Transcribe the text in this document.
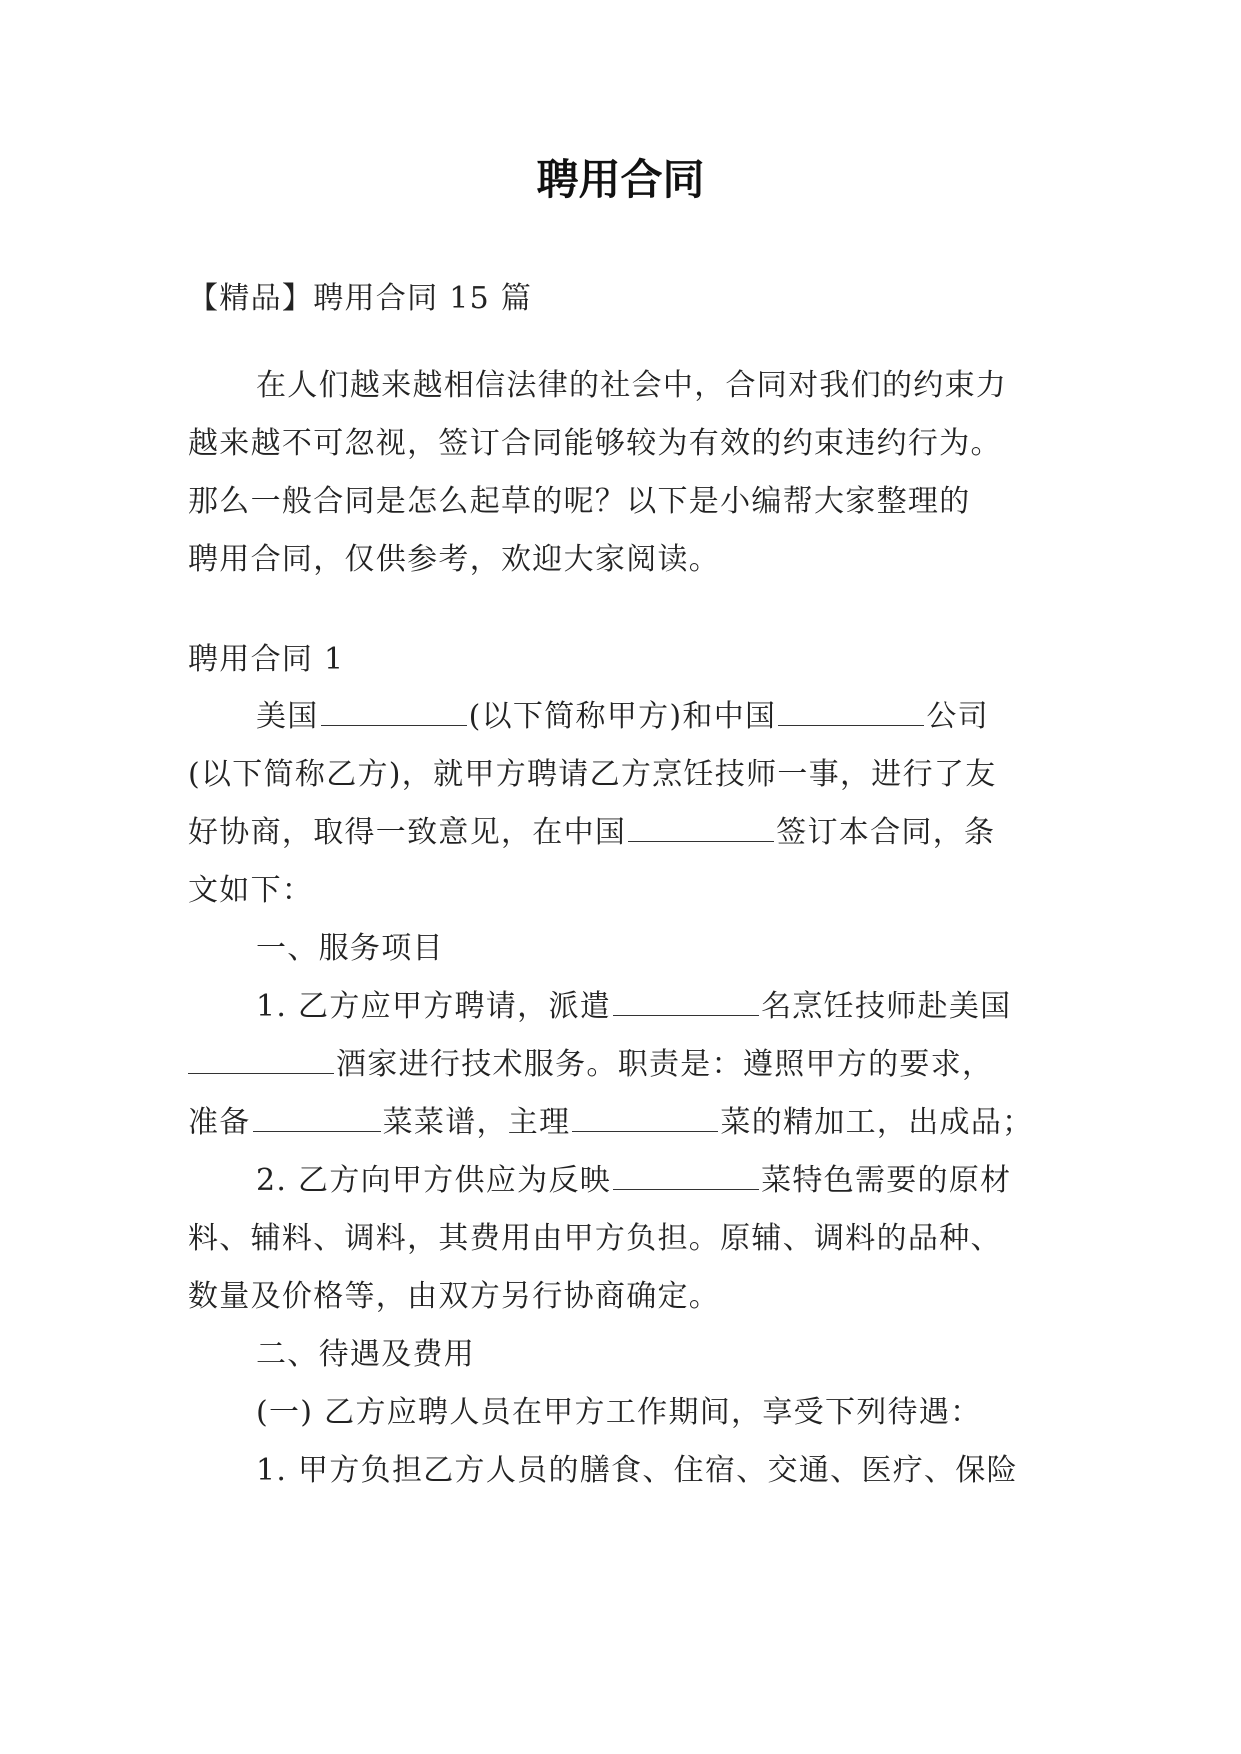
聘用合同
【精品】聘用合同 15 篇
在人们越来越相信法律的社会中，合同对我们的约束力
越来越不可忽视，签订合同能够较为有效的约束违约行为。
那么一般合同是怎么起草的呢？以下是小编帮大家整理的
聘用合同，仅供参考，欢迎大家阅读。
聘用合同 1
美国	(以下简称甲方)和中国	公司
(以下简称乙方)，就甲方聘请乙方烹饪技师一事，进行了友
好协商，取得一致意见，在中国	签订本合同，条
文如下：
一、服务项目
1. 乙方应甲方聘请，派遣	名烹饪技师赴美国
酒家进行技术服务。职责是：遵照甲方的要求，
准备	菜菜谱，主理	菜的精加工，出成品；
2. 乙方向甲方供应为反映	菜特色需要的原材
料、辅料、调料，其费用由甲方负担。原辅、调料的品种、
数量及价格等，由双方另行协商确定。
二、待遇及费用
(一) 乙方应聘人员在甲方工作期间，享受下列待遇：
1. 甲方负担乙方人员的膳食、住宿、交通、医疗、保险
